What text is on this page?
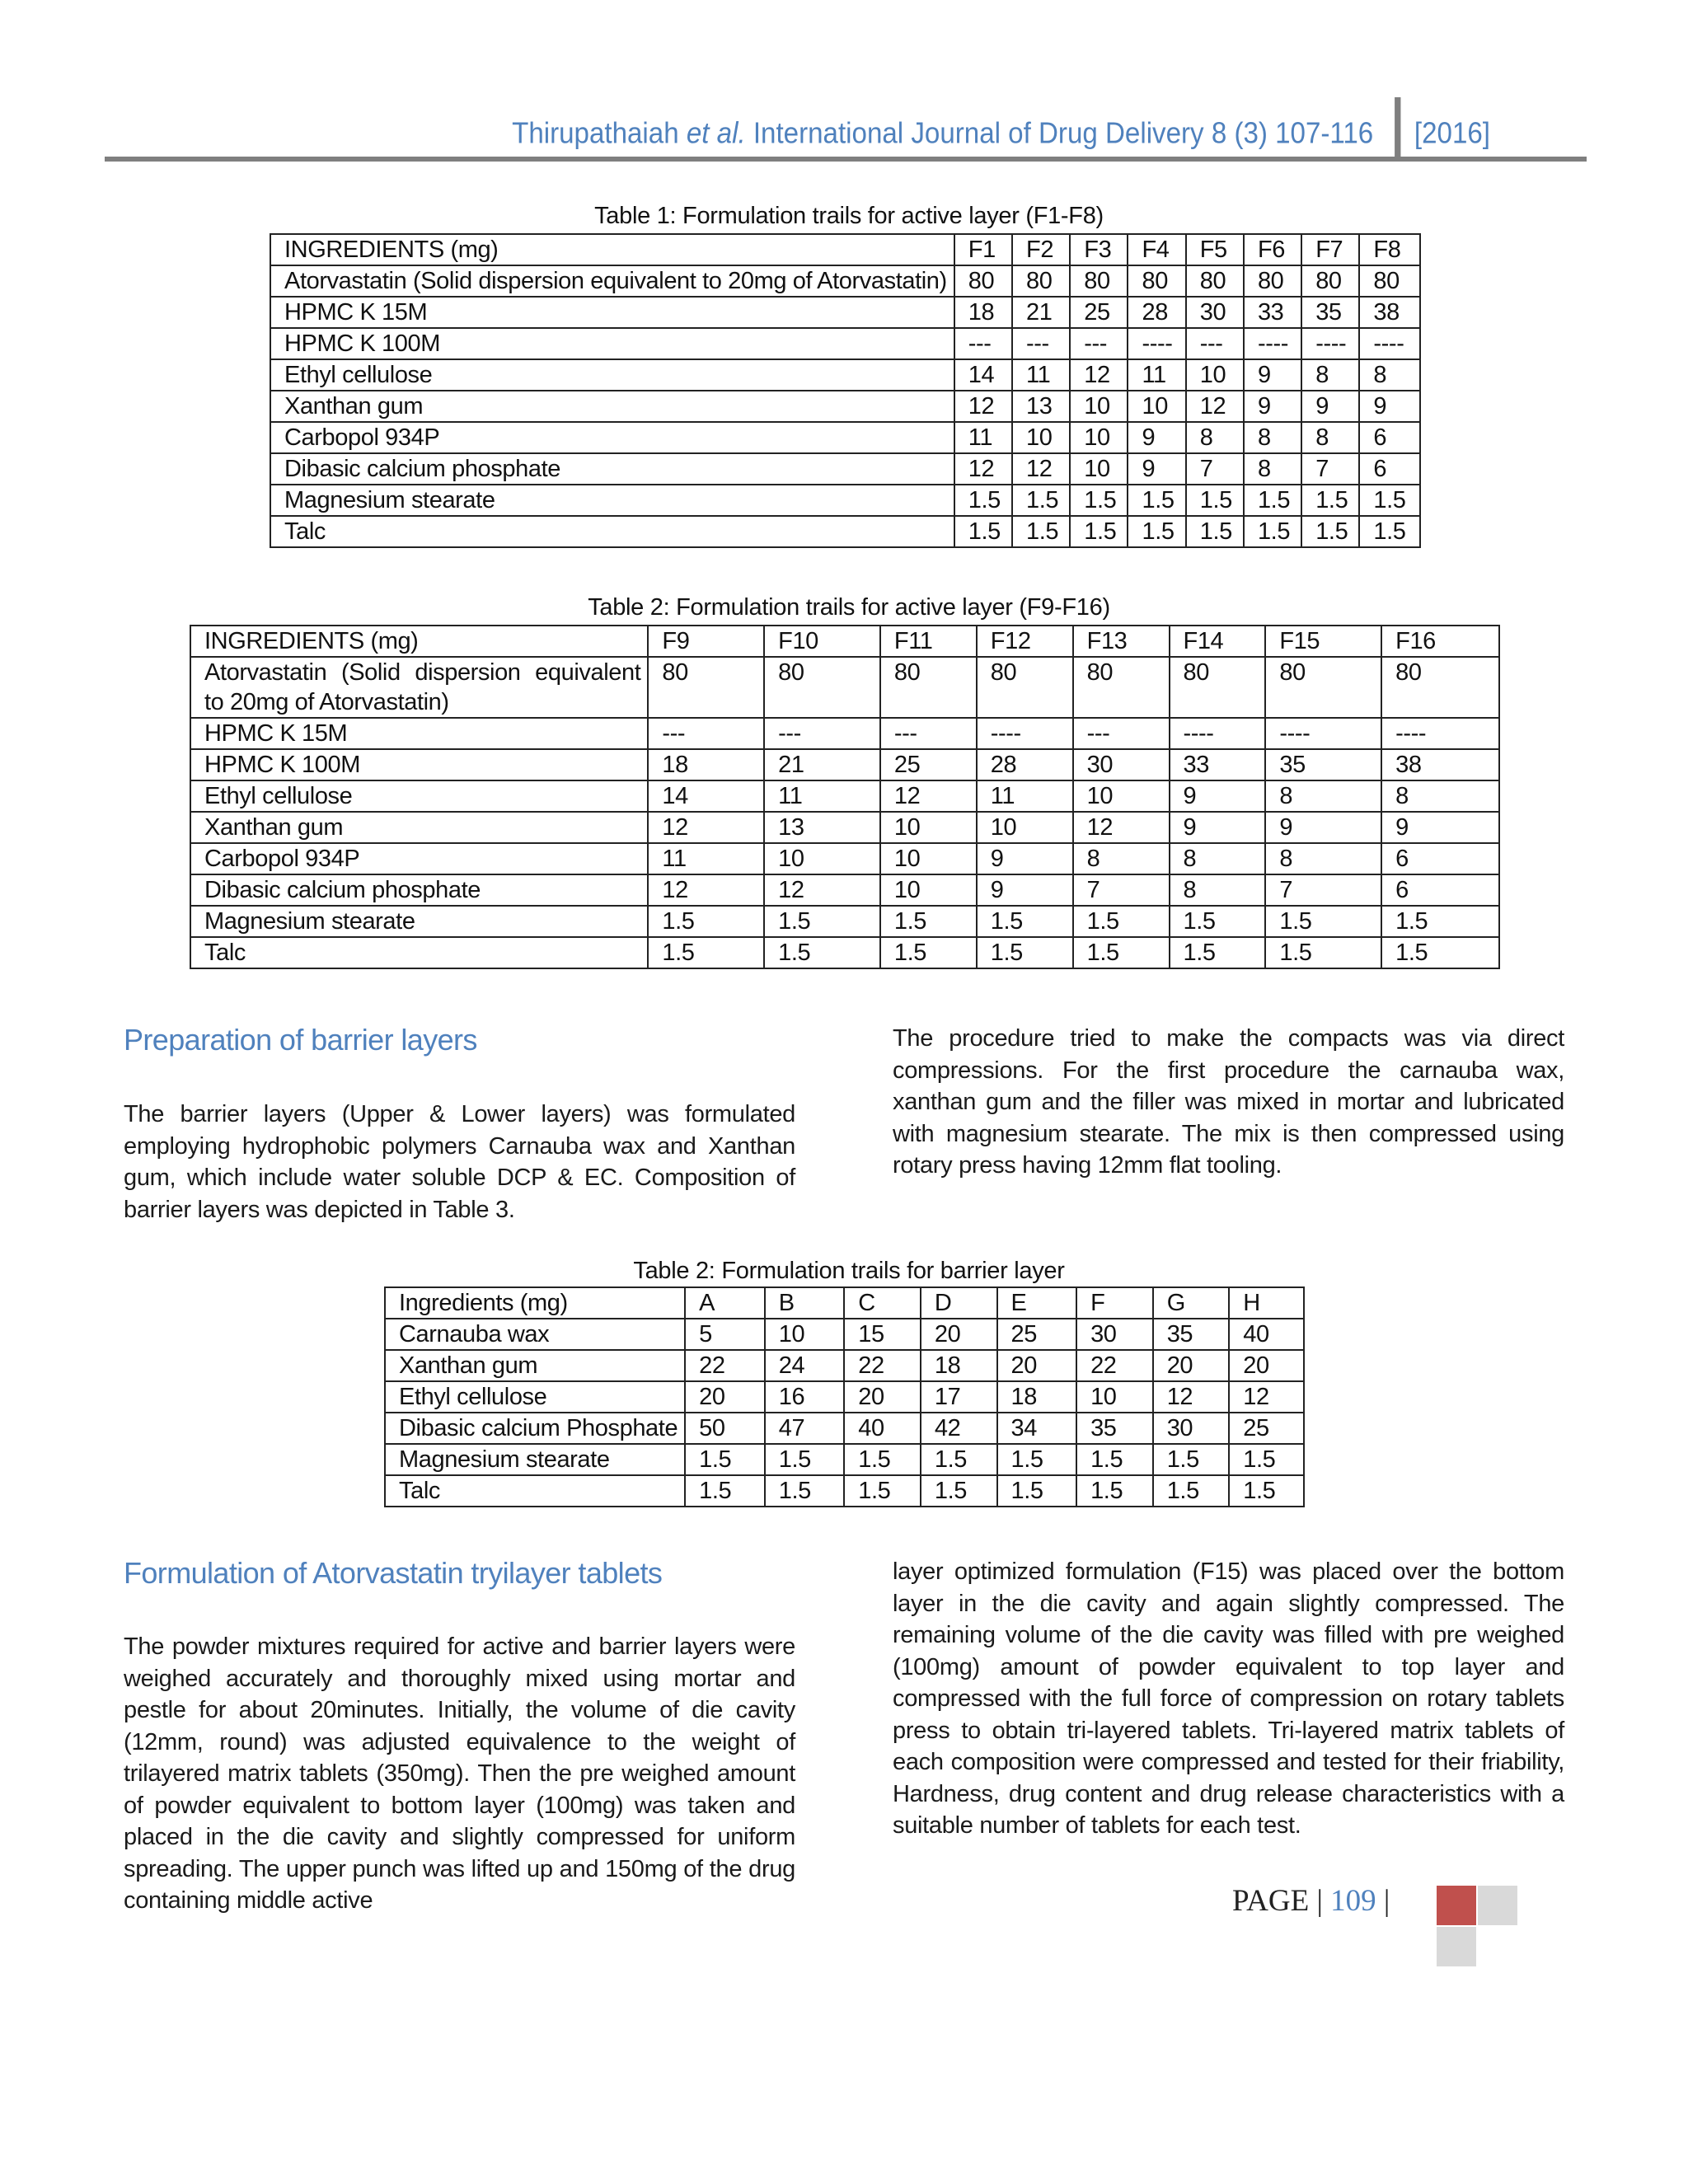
Thirupathaiah et al. International Journal of Drug Delivery 8 (3) 107-116 [2016]
Table 1: Formulation trails for active layer (F1-F8)
INGREDIENTS (mg)	F1	F2	F3	F4	F5	F6	F7	F8
Atorvastatin (Solid dispersion equivalent to 20mg of Atorvastatin)	80	80	80	80	80	80	80	80
HPMC K 15M	18	21	25	28	30	33	35	38
HPMC K 100M	---	---	---	----	---	----	----	----
Ethyl cellulose	14	11	12	11	10	9	8	8
Xanthan gum	12	13	10	10	12	9	9	9
Carbopol 934P	11	10	10	9	8	8	8	6
Dibasic calcium phosphate	12	12	10	9	7	8	7	6
Magnesium stearate	1.5	1.5	1.5	1.5	1.5	1.5	1.5	1.5
Talc	1.5	1.5	1.5	1.5	1.5	1.5	1.5	1.5
Table 2: Formulation trails for active layer (F9-F16)
INGREDIENTS (mg)	F9	F10	F11	F12	F13	F14	F15	F16
Atorvastatin (Solid dispersion equivalent to 20mg of Atorvastatin)	80	80	80	80	80	80	80	80
HPMC K 15M	---	---	---	----	---	----	----	----
HPMC K 100M	18	21	25	28	30	33	35	38
Ethyl cellulose	14	11	12	11	10	9	8	8
Xanthan gum	12	13	10	10	12	9	9	9
Carbopol 934P	11	10	10	9	8	8	8	6
Dibasic calcium phosphate	12	12	10	9	7	8	7	6
Magnesium stearate	1.5	1.5	1.5	1.5	1.5	1.5	1.5	1.5
Talc	1.5	1.5	1.5	1.5	1.5	1.5	1.5	1.5
Preparation of barrier layers

The barrier layers (Upper & Lower layers) was formulated employing hydrophobic polymers Carnauba wax and Xanthan gum, which include water soluble DCP & EC. Composition of barrier layers was depicted in Table 3.

The procedure tried to make the compacts was via direct compressions. For the first procedure the carnauba wax, xanthan gum and the filler was mixed in mortar and lubricated with magnesium stearate. The mix is then compressed using rotary press having 12mm flat tooling.

Table 2: Formulation trails for barrier layer
Ingredients (mg)	A	B	C	D	E	F	G	H
Carnauba wax	5	10	15	20	25	30	35	40
Xanthan gum	22	24	22	18	20	22	20	20
Ethyl cellulose	20	16	20	17	18	10	12	12
Dibasic calcium Phosphate	50	47	40	42	34	35	30	25
Magnesium stearate	1.5	1.5	1.5	1.5	1.5	1.5	1.5	1.5
Talc	1.5	1.5	1.5	1.5	1.5	1.5	1.5	1.5
Formulation of Atorvastatin tryilayer tablets

The powder mixtures required for active and barrier layers were weighed accurately and thoroughly mixed using mortar and pestle for about 20minutes. Initially, the volume of die cavity (12mm, round) was adjusted equivalence to the weight of trilayered matrix tablets (350mg). Then the pre weighed amount of powder equivalent to bottom layer (100mg) was taken and placed in the die cavity and slightly compressed for uniform spreading. The upper punch was lifted up and 150mg of the drug containing middle active

layer optimized formulation (F15) was placed over the bottom layer in the die cavity and again slightly compressed. The remaining volume of the die cavity was filled with pre weighed (100mg) amount of powder equivalent to top layer and compressed with the full force of compression on rotary tablets press to obtain tri-layered tablets. Tri-layered matrix tablets of each composition were compressed and tested for their friability, Hardness, drug content and drug release characteristics with a suitable number of tablets for each test.

PAGE | 109 |
